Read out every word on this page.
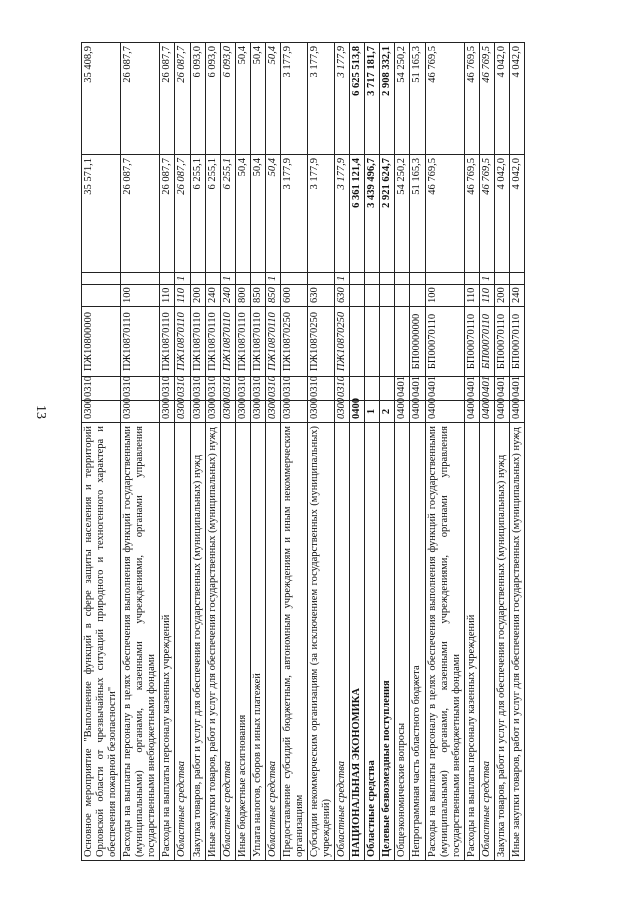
13
Основное мероприятие "Выполнение функций в сфере защиты населения и территорий Орловской области от чрезвычайных ситуаций природного и техногенного характера и обеспечения пожарной безопасности"	0300	0310	ПЖ10800000			35 571,1	35 408,9
Расходы на выплаты персоналу в целях обеспечения выполнения функций государственными (муниципальными) органами, казенными учреждениями, органами управления государственными внебюджетными фондами	0300	0310	ПЖ10870110	100		26 087,7	26 087,7
Расходы на выплаты персоналу казенных учреждений	0300	0310	ПЖ10870110	110		26 087,7	26 087,7
Областные средства	0300	0310	ПЖ10870110	110	1	26 087,7	26 087,7
Закупка товаров, работ и услуг для обеспечения государственных (муниципальных) нужд	0300	0310	ПЖ10870110	200		6 255,1	6 093,0
Иные закупки товаров, работ и услуг для обеспечения государственных (муниципальных) нужд	0300	0310	ПЖ10870110	240		6 255,1	6 093,0
Областные средства	0300	0310	ПЖ10870110	240	1	6 255,1	6 093,0
Иные бюджетные ассигнования	0300	0310	ПЖ10870110	800		50,4	50,4
Уплата налогов, сборов и иных платежей	0300	0310	ПЖ10870110	850		50,4	50,4
Областные средства	0300	0310	ПЖ10870110	850	1	50,4	50,4
Предоставление субсидий бюджетным, автономным учреждениям и иным некоммерческим организациям	0300	0310	ПЖ10870250	600		3 177,9	3 177,9
Субсидии некоммерческим организациям (за исключением государственных (муниципальных) учреждений)	0300	0310	ПЖ10870250	630		3 177,9	3 177,9
Областные средства	0300	0310	ПЖ10870250	630	1	3 177,9	3 177,9
НАЦИОНАЛЬНАЯ ЭКОНОМИКА	0400					6 361 121,4	6 625 513,8
Областные средства	1					3 439 496,7	3 717 181,7
Целевые безвозмездные поступления	2					2 921 624,7	2 908 332,1
Общеэкономические вопросы	0400	0401				54 250,2	54 250,2
Непрограммная часть областного бюджета	0400	0401	БП00000000			51 165,3	51 165,3
Расходы на выплаты персоналу в целях обеспечения выполнения функций государственными (муниципальными) органами, казенными учреждениями, органами управления государственными внебюджетными фондами	0400	0401	БП00070110	100		46 769,5	46 769,5
Расходы на выплаты персоналу казенных учреждений	0400	0401	БП00070110	110		46 769,5	46 769,5
Областные средства	0400	0401	БП00070110	110	1	46 769,5	46 769,5
Закупка товаров, работ и услуг для обеспечения государственных (муниципальных) нужд	0400	0401	БП00070110	200		4 042,0	4 042,0
Иные закупки товаров, работ и услуг для обеспечения государственных (муниципальных) нужд	0400	0401	БП00070110	240		4 042,0	4 042,0
